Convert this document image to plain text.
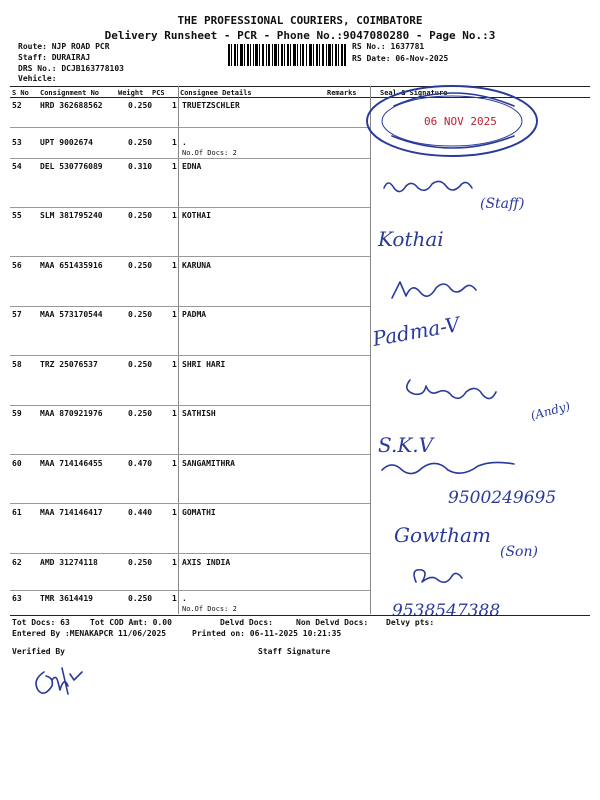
THE PROFESSIONAL COURIERS, COIMBATORE
Delivery Runsheet - PCR - Phone No.:9047080280 - Page No.:3
Route: NJP ROAD PCR
Staff: DURAIRAJ
DRS No.: DCJB163778103
Vehicle:
RS No.: 1637781
RS Date: 06-Nov-2025
S No Consignment No	Weight PCS Consignee Details	Remarks	Seal & Signature
52 HRD 362688562	0.250 1 TRUETZSCHLER
53 UPT 9002674	0.250 1 .
No.Of Docs: 2
54 DEL 530776089	0.310 1 EDNA
55 SLM 381795240	0.250 1 KOTHAI
56 MAA 651435916	0.250 1 KARUNA
57 MAA 573170544	0.250 1 PADMA
58 TRZ 25076537	0.250 1 SHRI HARI
59 MAA 870921976	0.250 1 SATHISH
60 MAA 714146455	0.470 1 SANGAMITHRA
61 MAA 714146417	0.440 1 GOMATHI
62 AMD 31274118	0.250 1 AXIS INDIA
63 TMR 3614419	0.250 1 .
No.Of Docs: 2
06 NOV 2025
(Staff)
Kothai
Padma-V
(Andy)
S.K.V
9500249695
Gowtham
(Son)
9538547388
Tot Docs: 63	Tot COD Amt: 0.00	Delvd Docs:	Non Delvd Docs: Delvy pts:
Entered By :MENAKAPCR 11/06/2025	Printed on: 06-11-2025 10:21:35
Verified By	Staff Signature
